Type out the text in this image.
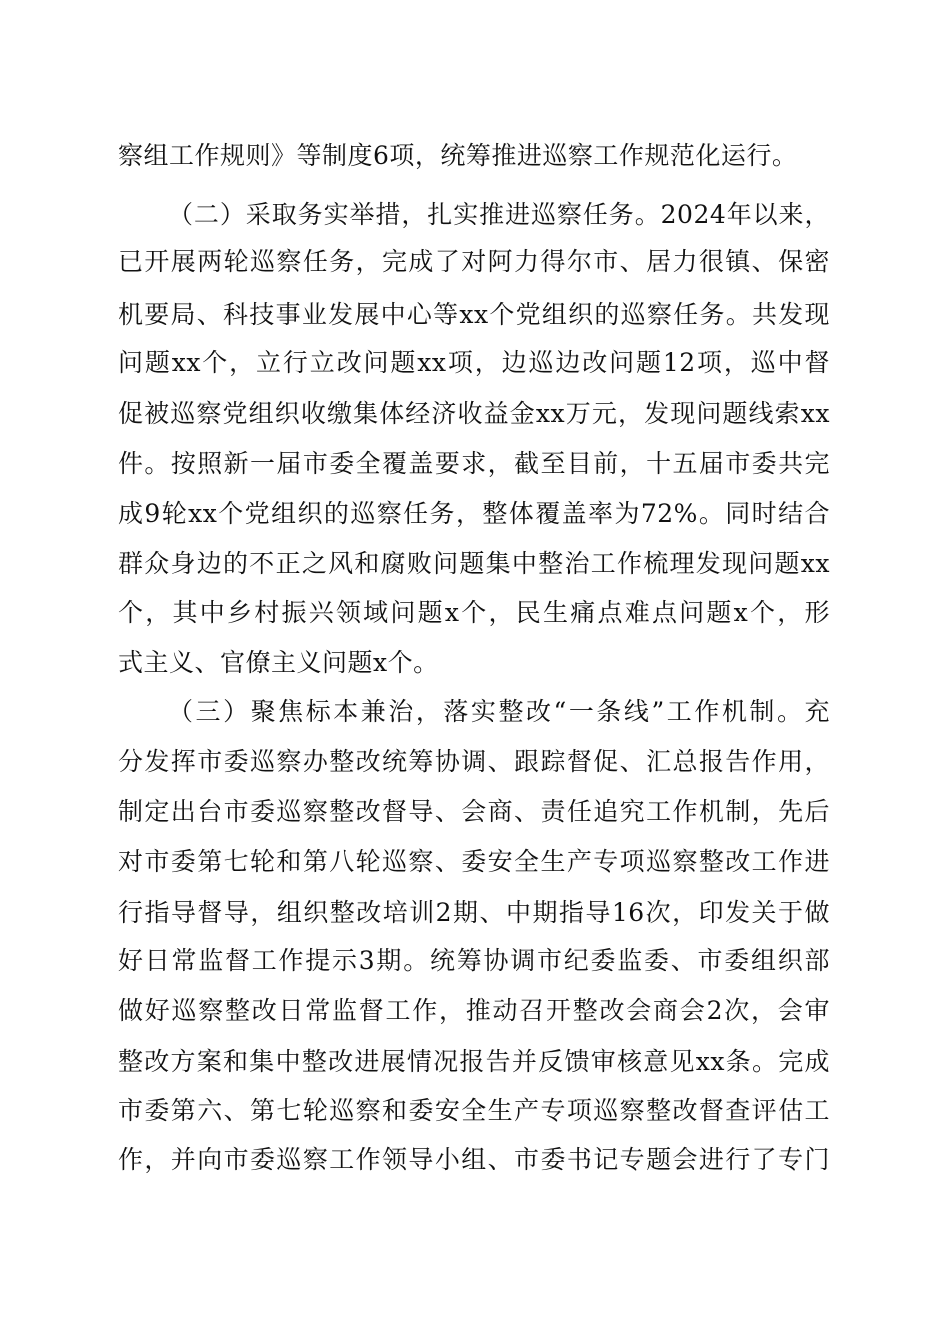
察组工作规则》等制度6项，统筹推进巡察工作规范化运行。
（二）采取务实举措，扎实推进巡察任务。2024年以来，
已开展两轮巡察任务，完成了对阿力得尔市、居力很镇、保密
机要局、科技事业发展中心等xx个党组织的巡察任务。共发现
问题xx个，立行立改问题xx项，边巡边改问题12项，巡中督
促被巡察党组织收缴集体经济收益金xx万元，发现问题线索xx
件。按照新一届市委全覆盖要求，截至目前，十五届市委共完
成9轮xx个党组织的巡察任务，整体覆盖率为72%。同时结合
群众身边的不正之风和腐败问题集中整治工作梳理发现问题xx
个，其中乡村振兴领域问题x个，民生痛点难点问题x个，形
式主义、官僚主义问题x个。
（三）聚焦标本兼治，落实整改“一条线”工作机制。充
分发挥市委巡察办整改统筹协调、跟踪督促、汇总报告作用，
制定出台市委巡察整改督导、会商、责任追究工作机制，先后
对市委第七轮和第八轮巡察、委安全生产专项巡察整改工作进
行指导督导，组织整改培训2期、中期指导16次，印发关于做
好日常监督工作提示3期。统筹协调市纪委监委、市委组织部
做好巡察整改日常监督工作，推动召开整改会商会2次，会审
整改方案和集中整改进展情况报告并反馈审核意见xx条。完成
市委第六、第七轮巡察和委安全生产专项巡察整改督查评估工
作，并向市委巡察工作领导小组、市委书记专题会进行了专门
